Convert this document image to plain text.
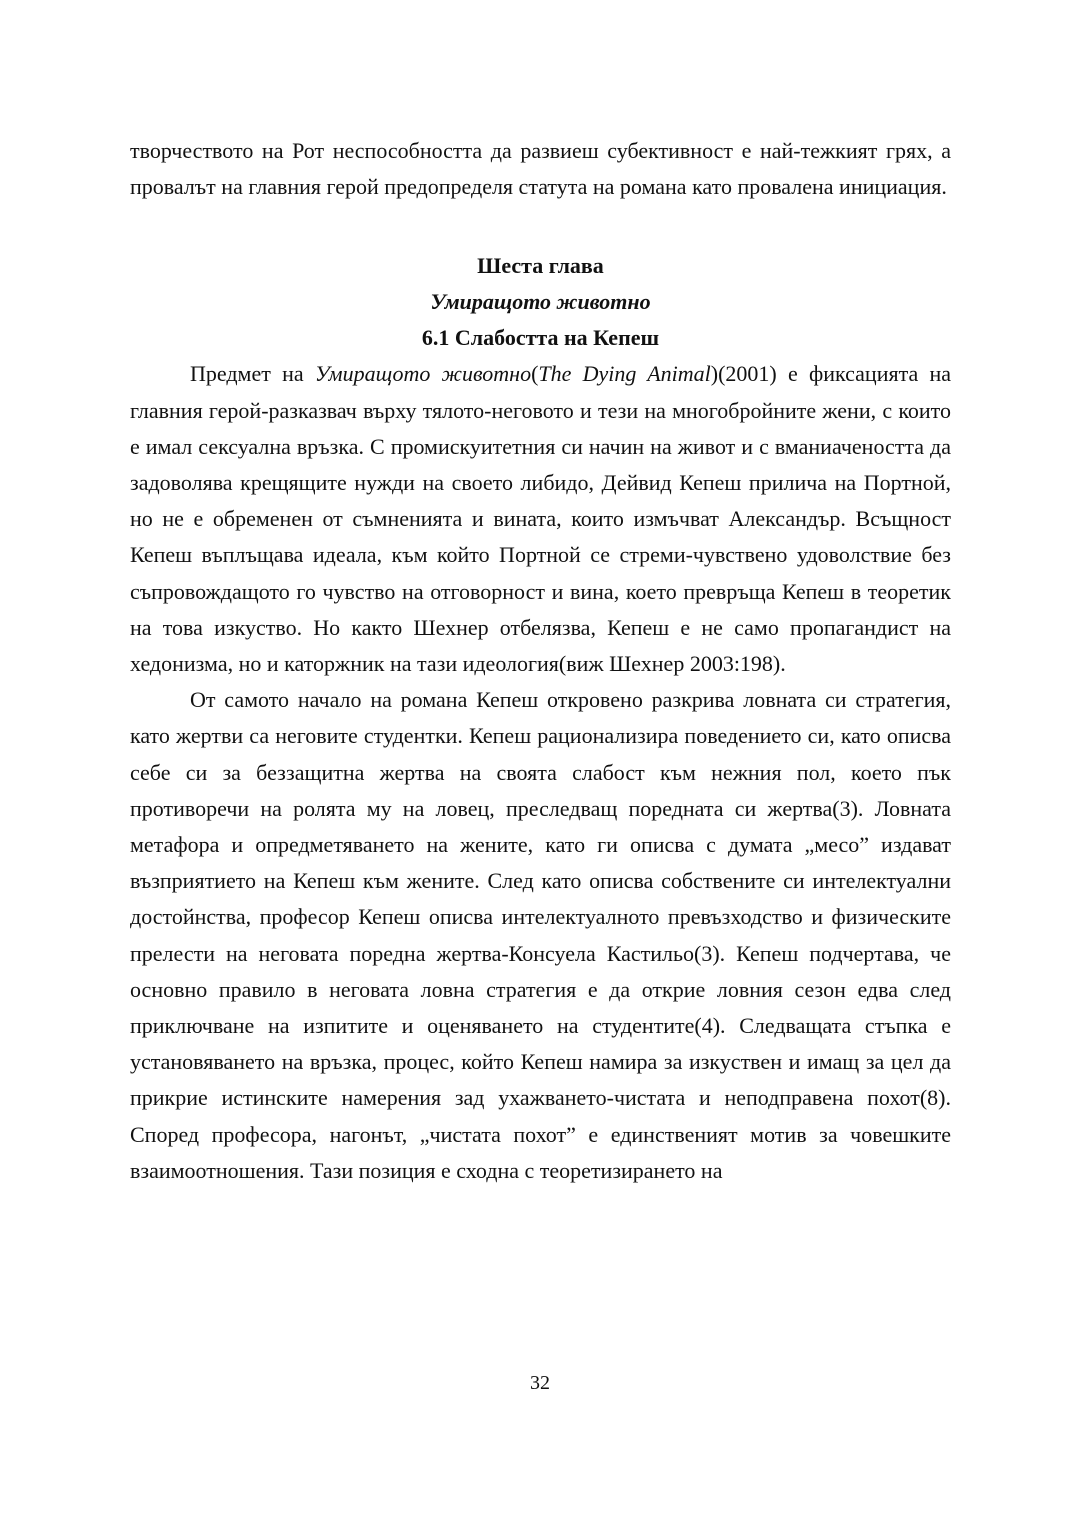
творчеството на Рот неспособността да развиеш субективност е най-тежкият грях, а провалът на главния герой предопределя статута на романа като провалена инициация.

Шеста глава
Умиращото животно
6.1 Слабостта на Кепеш

Предмет на Умиращото животно(The Dying Animal)(2001) е фиксацията на главния герой-разказвач върху тялото-неговото и тези на многобройните жени, с които е имал сексуална връзка. С промискуитетния си начин на живот и с вманиачеността да задоволява крещящите нужди на своето либидо, Дейвид Кепеш прилича на Портной, но не е обременен от съмненията и вината, които измъчват Александър. Всъщност Кепеш въплъщава идеала, към който Портной се стреми-чувствено удоволствие без съпровождащото го чувство на отговорност и вина, което превръща Кепеш в теоретик на това изкуство. Но както Шехнер отбелязва, Кепеш е не само пропагандист на хедонизма, но и каторжник на тази идеология(виж Шехнер 2003:198).

От самото начало на романа Кепеш откровено разкрива ловната си стратегия, като жертви са неговите студентки. Кепеш рационализира поведението си, като описва себе си за беззащитна жертва на своята слабост към нежния пол, което пък противоречи на ролята му на ловец, преследващ поредната си жертва(3). Ловната метафора и опредметяването на жените, като ги описва с думата „месо” издават възприятието на Кепеш към жените. След като описва собствените си интелектуални достойнства, професор Кепеш описва интелектуалното превъзходство и физическите прелести на неговата поредна жертва-Консуела Кастильо(3). Кепеш подчертава, че основно правило в неговата ловна стратегия е да открие ловния сезон едва след приключване на изпитите и оценяването на студентите(4). Следващата стъпка е установяването на връзка, процес, който Кепеш намира за изкуствен и имащ за цел да прикрие истинските намерения зад ухажването-чистата и неподправена похот(8). Според професора, нагонът, „чистата похот” е единственият мотив за човешките взаимоотношения. Тази позиция е сходна с теоретизирането на

32
